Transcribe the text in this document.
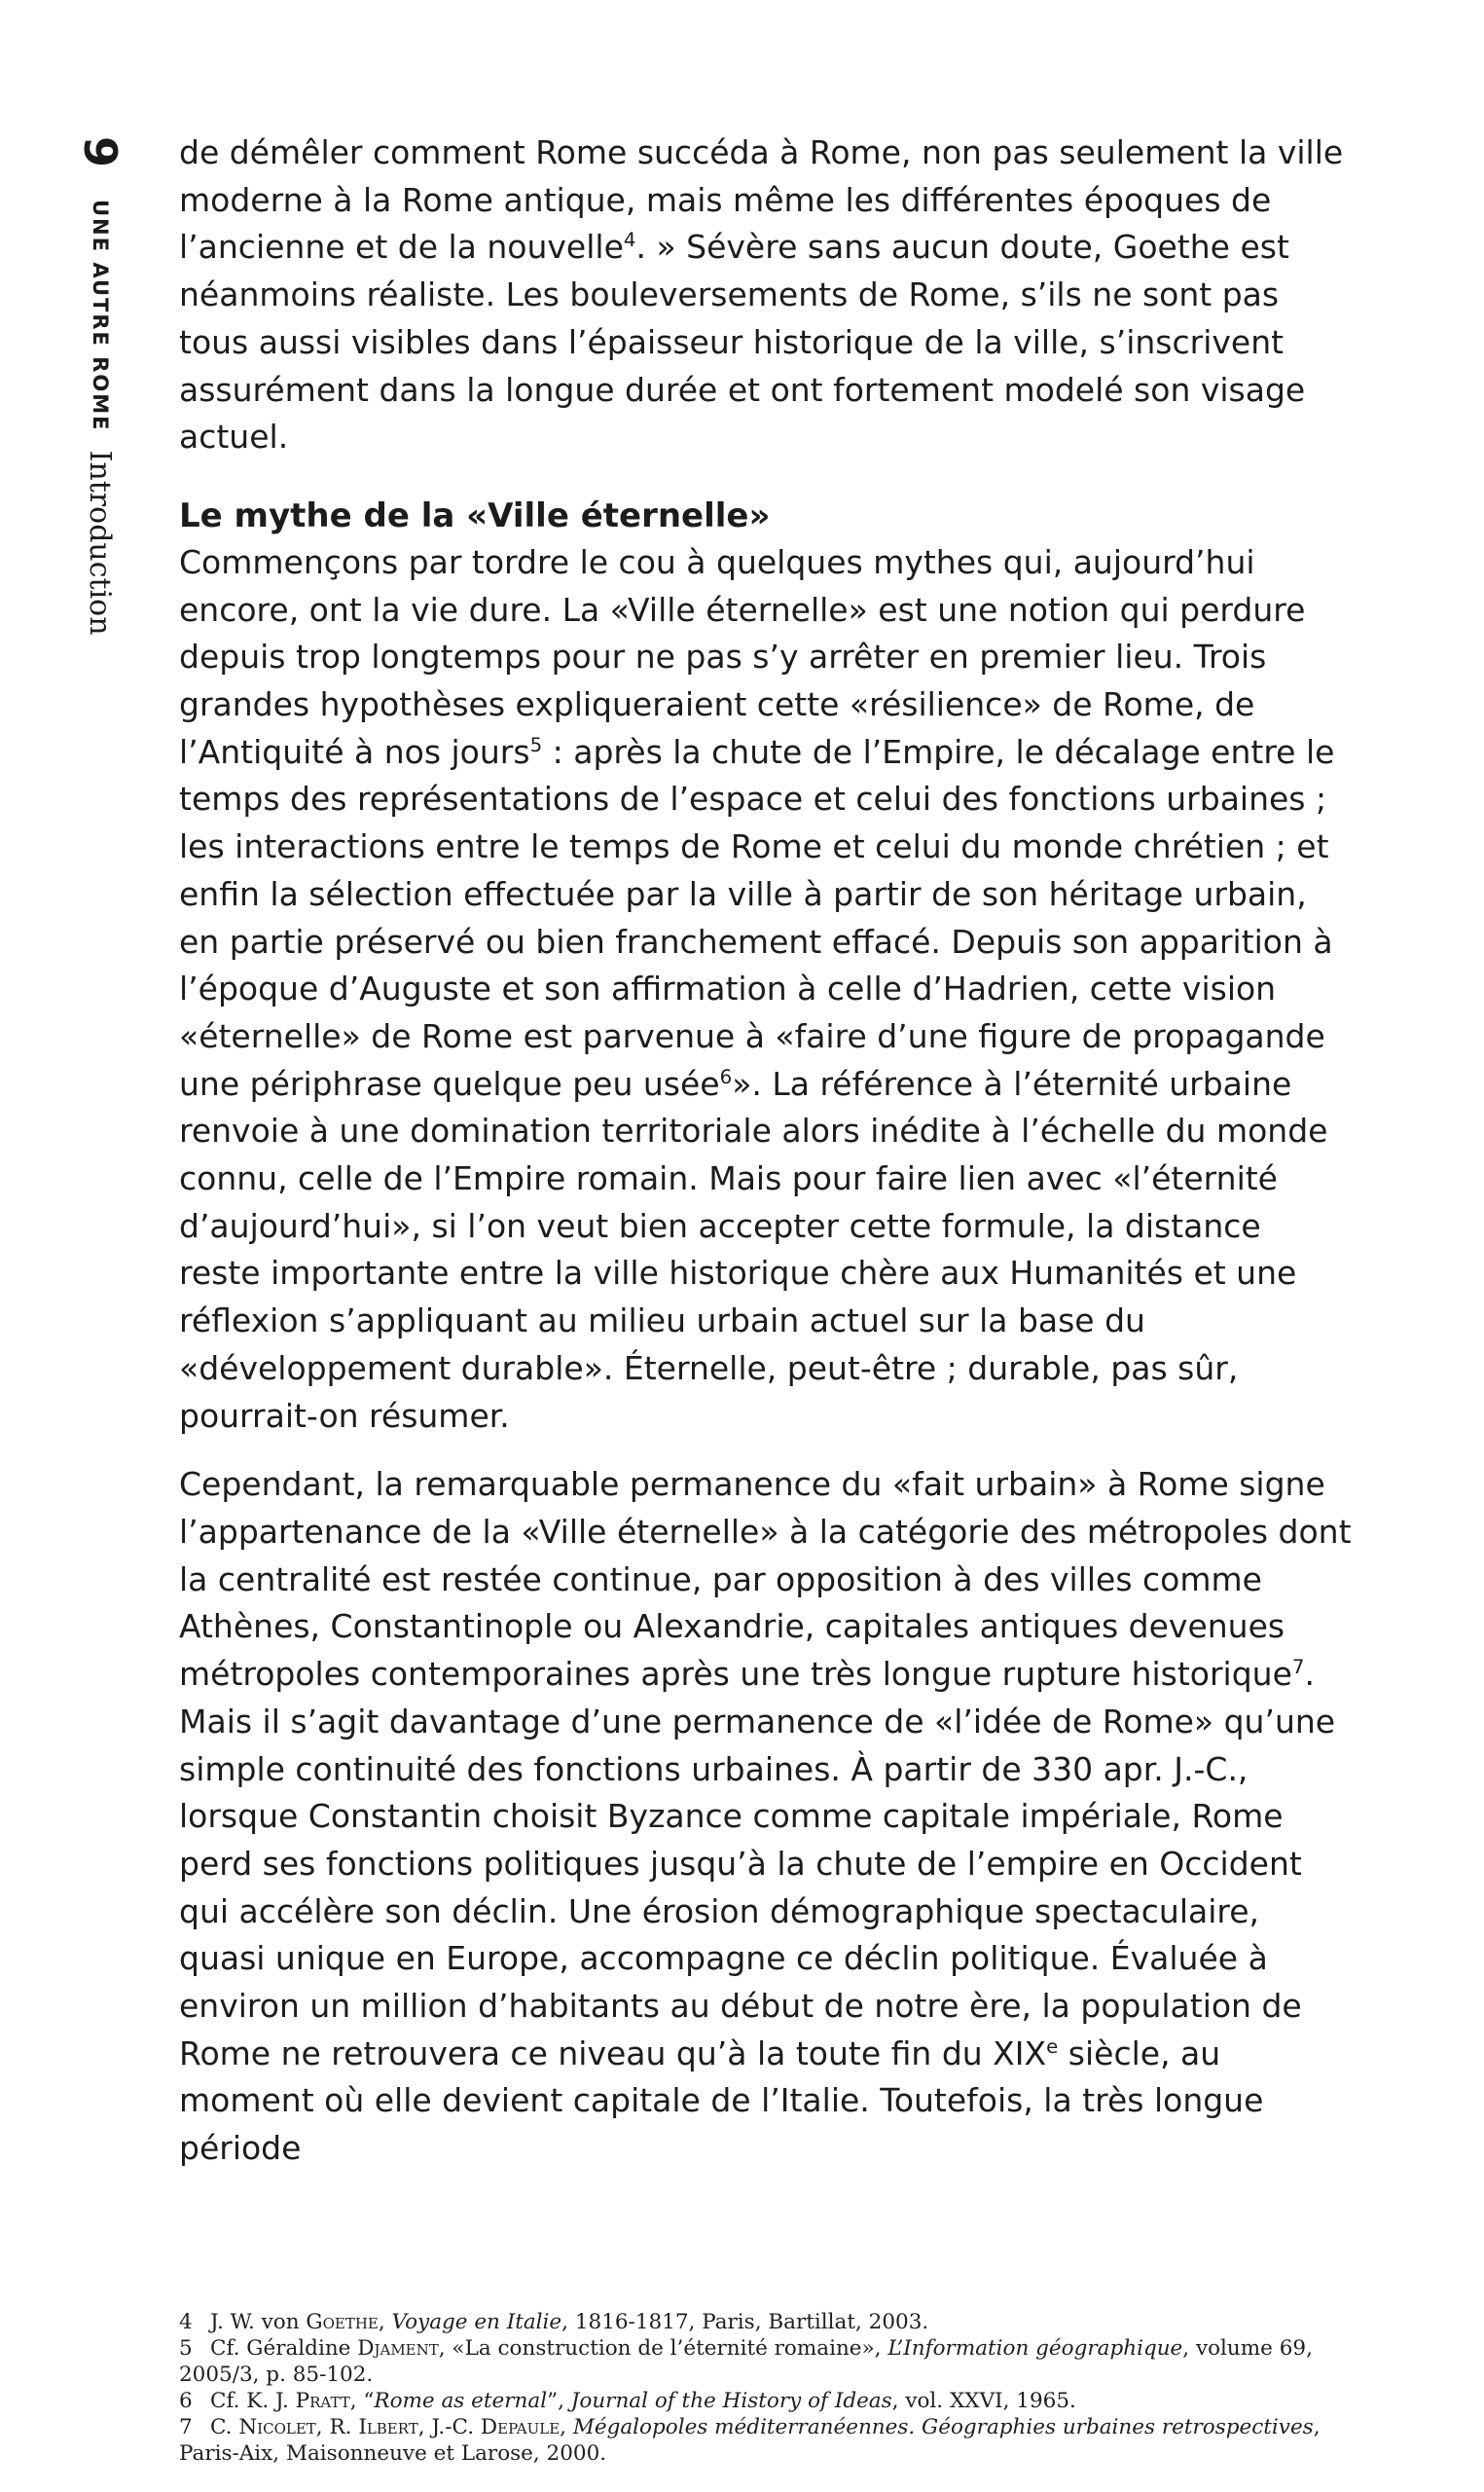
9 UNE AUTRE ROME Introduction

de démêler comment Rome succéda à Rome, non pas seulement la ville moderne à la Rome antique, mais même les différentes époques de l’ancienne et de la nouvelle$^4$. » Sévère sans aucun doute, Goethe est néanmoins réaliste. Les bouleversements de Rome, s’ils ne sont pas tous aussi visibles dans l’épaisseur historique de la ville, s’inscrivent assurément dans la longue durée et ont fortement modelé son visage actuel.

Le mythe de la «Ville éternelle»

Commençons par tordre le cou à quelques mythes qui, aujourd’hui encore, ont la vie dure. La «Ville éternelle» est une notion qui perdure depuis trop longtemps pour ne pas s’y arrêter en premier lieu. Trois grandes hypothèses expliqueraient cette «résilience» de Rome, de l’Antiquité à nos jours$^5$ : après la chute de l’Empire, le décalage entre le temps des représentations de l’espace et celui des fonctions urbaines ; les interactions entre le temps de Rome et celui du monde chrétien ; et enfin la sélection effectuée par la ville à partir de son héritage urbain, en partie préservé ou bien franchement effacé. Depuis son apparition à l’époque d’Auguste et son affirmation à celle d’Hadrien, cette vision «éternelle» de Rome est parvenue à «faire d’une figure de propagande une périphrase quelque peu usée$^6$». La référence à l’éternité urbaine renvoie à une domination territoriale alors inédite à l’échelle du monde connu, celle de l’Empire romain. Mais pour faire lien avec «l’éternité d’aujourd’hui», si l’on veut bien accepter cette formule, la distance reste importante entre la ville historique chère aux Humanités et une réflexion s’appliquant au milieu urbain actuel sur la base du «développement durable». Éternelle, peut-être ; durable, pas sûr, pourrait-on résumer.

Cependant, la remarquable permanence du «fait urbain» à Rome signe l’appartenance de la «Ville éternelle» à la catégorie des métropoles dont la centralité est restée continue, par opposition à des villes comme Athènes, Constantinople ou Alexandrie, capitales antiques devenues métropoles contemporaines après une très longue rupture historique$^7$. Mais il s’agit davantage d’une permanence de «l’idée de Rome» qu’une simple continuité des fonctions urbaines. À partir de 330 apr. J.-C., lorsque Constantin choisit Byzance comme capitale impériale, Rome perd ses fonctions politiques jusqu’à la chute de l’empire en Occident qui accélère son déclin. Une érosion démographique spectaculaire, quasi unique en Europe, accompagne ce déclin politique. Évaluée à environ un million d’habitants au début de notre ère, la population de Rome ne retrouvera ce niveau qu’à la toute fin du XIXe siècle, au moment où elle devient capitale de l’Italie. Toutefois, la très longue période

4 J. W. von Goethe, Voyage en Italie, 1816-1817, Paris, Bartillat, 2003.

5 Cf. Géraldine Djament, «La construction de l’éternité romaine», L’Information géographique, volume 69, 2005/3, p. 85-102.

6 Cf. K. J. Pratt, “Rome as eternal”, Journal of the History of Ideas, vol. XXVI, 1965.

7 C. Nicolet, R. Ilbert, J.-C. Depaule, Mégalopoles méditerranéennes. Géographies urbaines retrospectives, Paris-Aix, Maisonneuve et Larose, 2000.
